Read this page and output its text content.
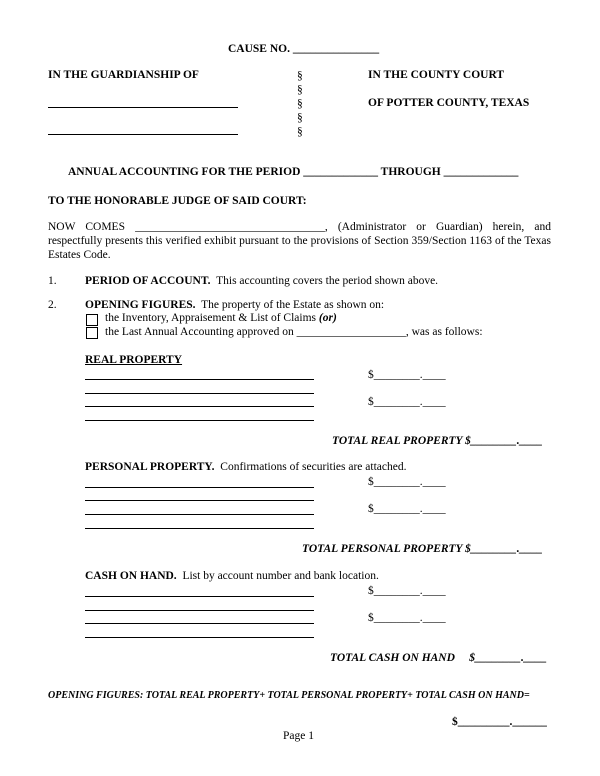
CAUSE NO. _______________
IN THE GUARDIANSHIP OF	§
§
§
§
§
IN THE COUNTY COURT
OF POTTER COUNTY, TEXAS
ANNUAL ACCOUNTING FOR THE PERIOD _____________ THROUGH _____________
TO THE HONORABLE JUDGE OF SAID COURT:
NOW COMES _________________________________, (Administrator or Guardian) herein, and respectfully presents this verified exhibit pursuant to the provisions of Section 359/Section 1163 of the Texas Estates Code.
1. PERIOD OF ACCOUNT. This accounting covers the period shown above.
2. OPENING FIGURES. The property of the Estate as shown on:
the Inventory, Appraisement & List of Claims (or)
the Last Annual Accounting approved on ___________________, was as follows:
REAL PROPERTY
$________.____
$________.____
TOTAL REAL PROPERTY $________.____
PERSONAL PROPERTY. Confirmations of securities are attached.
$________.____
$________.____
TOTAL PERSONAL PROPERTY $________.____
CASH ON HAND. List by account number and bank location.
$________.____
$________.____
TOTAL CASH ON HAND     $________.____
OPENING FIGURES: TOTAL REAL PROPERTY+ TOTAL PERSONAL PROPERTY+ TOTAL CASH ON HAND=
$_________.______
Page 1
